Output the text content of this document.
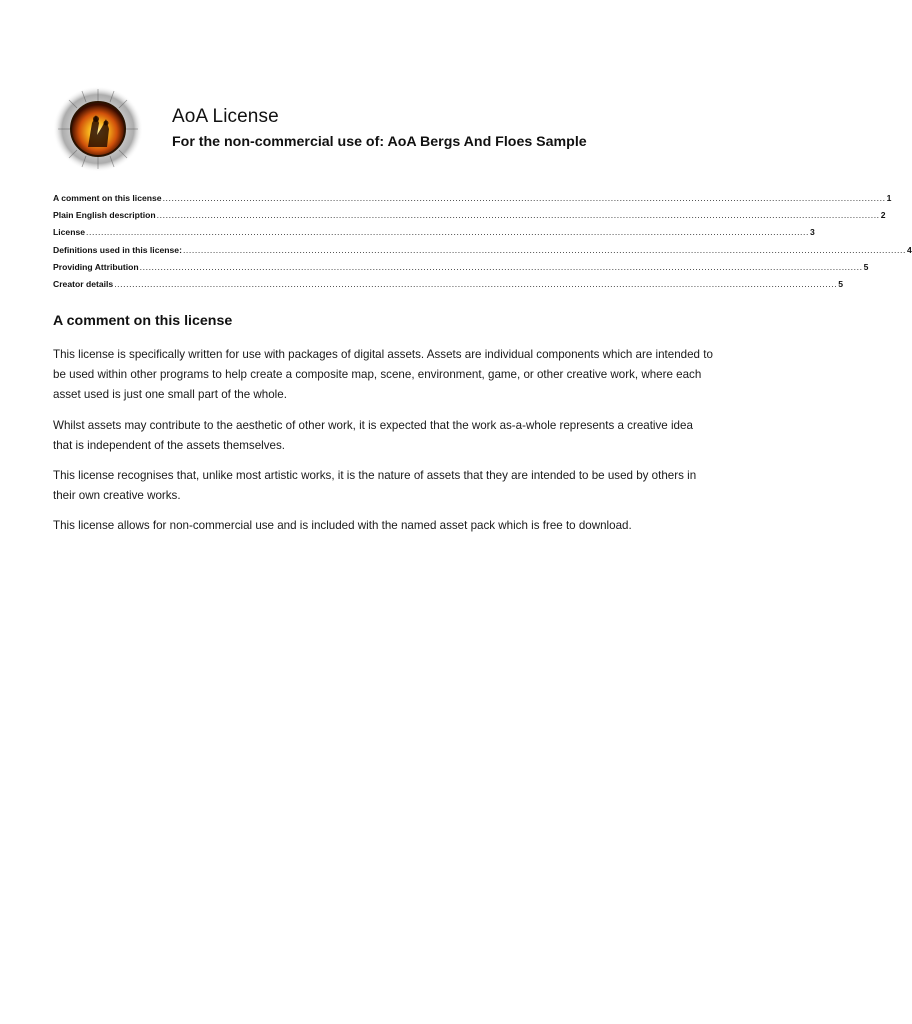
AoA License
For the non-commercial use of: AoA Bergs And Floes Sample
A comment on this license .................................................................................................................................................................................................................................................. 1
Plain English description .................................................................................................................................................................................................................................................. 2
License .................................................................................................................................................................................................................................................. 3
Definitions used in this license: .................................................................................................................................................................................................................................................. 4
Providing Attribution .................................................................................................................................................................................................................................................. 5
Creator details .................................................................................................................................................................................................................................................. 5
A comment on this license

This license is specifically written for use with packages of digital assets. Assets are individual components which are intended to be used within other programs to help create a composite map, scene, environment, game, or other creative work, where each asset used is just one small part of the whole.

Whilst assets may contribute to the aesthetic of other work, it is expected that the work as-a-whole represents a creative idea that is independent of the assets themselves.

This license recognises that, unlike most artistic works, it is the nature of assets that they are intended to be used by others in their own creative works.

This license allows for non-commercial use and is included with the named asset pack which is free to download.
